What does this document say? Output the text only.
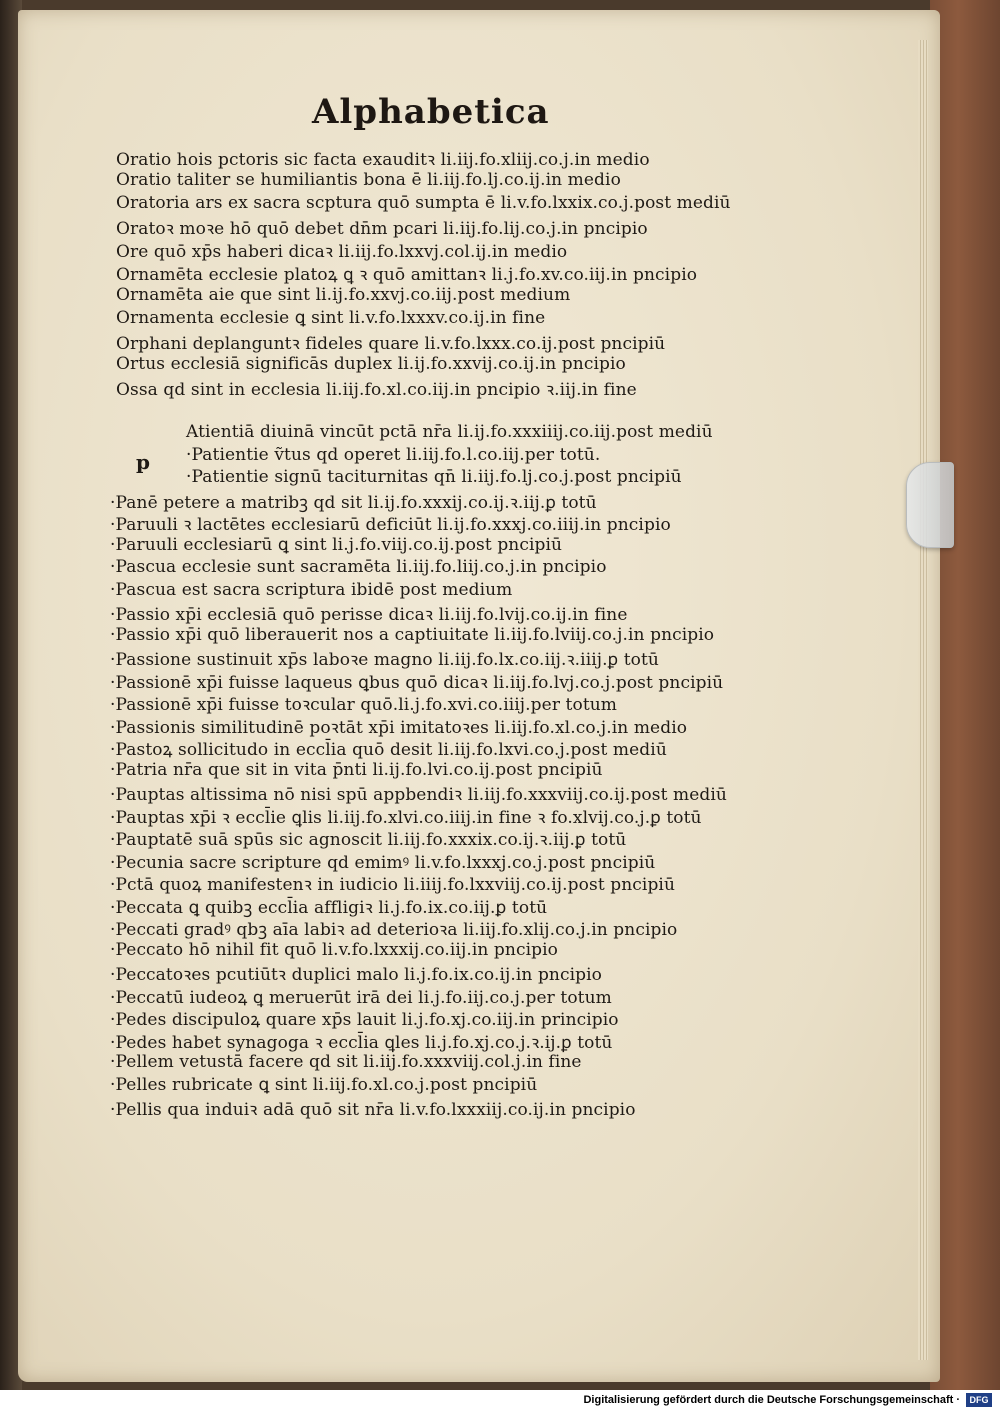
Alphabetica
p
Oratio hois pctoris sic facta exauditꝛ li.iij.fo.xliij.co.j.in medio
Oratio taliter se humiliantis bona ē li.iij.fo.lj.co.ij.in medio
Oratoria ars ex sacra scptura quō sumpta ē li.v.fo.lxxix.co.j.post mediū
Oratoꝛ moꝛe hō quō debet dn̄m pcari li.iij.fo.lij.co.j.in pncipio
Ore quō xp̄s haberi dicaꝛ li.iij.fo.lxxvj.col.ij.in medio
Ornamēta ecclesie platoꝝ ꝗ ꝛ quō amittanꝛ li.j.fo.xv.co.iij.in pncipio
Ornamēta aie que sint li.ij.fo.xxvj.co.iij.post medium
Ornamenta ecclesie ꝗ sint li.v.fo.lxxxv.co.ij.in fine
Orphani deplanguntꝛ fideles quare li.v.fo.lxxx.co.ij.post pncipiū
Ortus ecclesiā significās duplex li.ij.fo.xxvij.co.ij.in pncipio
Ossa qd sint in ecclesia li.iij.fo.xl.co.iij.in pncipio ꝛ.iij.in fine
Atientiā diuinā vincūt pctā nr̄a li.ij.fo.xxxiiij.co.iij.post mediū
·Patientie ṽtus qd operet li.iij.fo.l.co.iij.per totū.
·Patientie signū taciturnitas qn̄ li.iij.fo.lj.co.j.post pncipiū
·Panē petere a matribꝫ qd sit li.ij.fo.xxxij.co.ij.ꝛ.iij.ꝑ totū
·Paruuli ꝛ lactētes ecclesiarū deficiūt li.ij.fo.xxxj.co.iiij.in pncipio
·Paruuli ecclesiarū ꝗ sint li.j.fo.viij.co.ij.post pncipiū
·Pascua ecclesie sunt sacramēta li.iij.fo.liij.co.j.in pncipio
·Pascua est sacra scriptura ibidē post medium
·Passio xp̄i ecclesiā quō perisse dicaꝛ li.iij.fo.lvij.co.ij.in fine
·Passio xp̄i quō liberauerit nos a captiuitate li.iij.fo.lviij.co.j.in pncipio
·Passione sustinuit xp̄s laboꝛe magno li.iij.fo.lx.co.iij.ꝛ.iiij.ꝑ totū
·Passionē xp̄i fuisse laqueus ꝗbus quō dicaꝛ li.iij.fo.lvj.co.j.post pncipiū
·Passionē xp̄i fuisse toꝛcular quō.li.j.fo.xvi.co.iiij.per totum
·Passionis similitudinē poꝛtāt xp̄i imitatoꝛes li.iij.fo.xl.co.j.in medio
·Pastoꝝ sollicitudo in eccl̄ia quō desit li.iij.fo.lxvi.co.j.post mediū
·Patria nr̄a que sit in vita p̄nti li.ij.fo.lvi.co.ij.post pncipiū
·Pauptas altissima nō nisi spū appbendiꝛ li.iij.fo.xxxviij.co.ij.post mediū
·Pauptas xp̄i ꝛ eccl̄ie ꝗlis li.iij.fo.xlvi.co.iiij.in fine ꝛ fo.xlvij.co.j.ꝑ totū
·Pauptatē suā spūs sic agnoscit li.iij.fo.xxxix.co.ij.ꝛ.iij.ꝑ totū
·Pecunia sacre scripture qd emimꝰ li.v.fo.lxxxj.co.j.post pncipiū
·Pctā quoꝝ manifestenꝛ in iudicio li.iiij.fo.lxxviij.co.ij.post pncipiū
·Peccata ꝗ quibꝫ eccl̄ia affligiꝛ li.j.fo.ix.co.iij.ꝑ totū
·Peccati gradꝰ qbꝫ aīa labiꝛ ad deterioꝛa li.iij.fo.xlij.co.j.in pncipio
·Peccato hō nihil fit quō li.v.fo.lxxxij.co.iij.in pncipio
·Peccatoꝛes pcutiūtꝛ duplici malo li.j.fo.ix.co.ij.in pncipio
·Peccatū iudeoꝝ ꝗ meruerūt irā dei li.j.fo.iij.co.j.per totum
·Pedes discipuloꝝ quare xp̄s lauit li.j.fo.xj.co.iij.in principio
·Pedes habet synagoga ꝛ eccl̄ia ꝗles li.j.fo.xj.co.j.ꝛ.ij.ꝑ totū
·Pellem vetustā facere qd sit li.iij.fo.xxxviij.col.j.in fine
·Pelles rubricate ꝗ sint li.iij.fo.xl.co.j.post pncipiū
·Pellis qua induiꝛ adā quō sit nr̄a li.v.fo.lxxxiij.co.ij.in pncipio
Digitalisierung gefördert durch die Deutsche Forschungsgemeinschaft ·	DFG
